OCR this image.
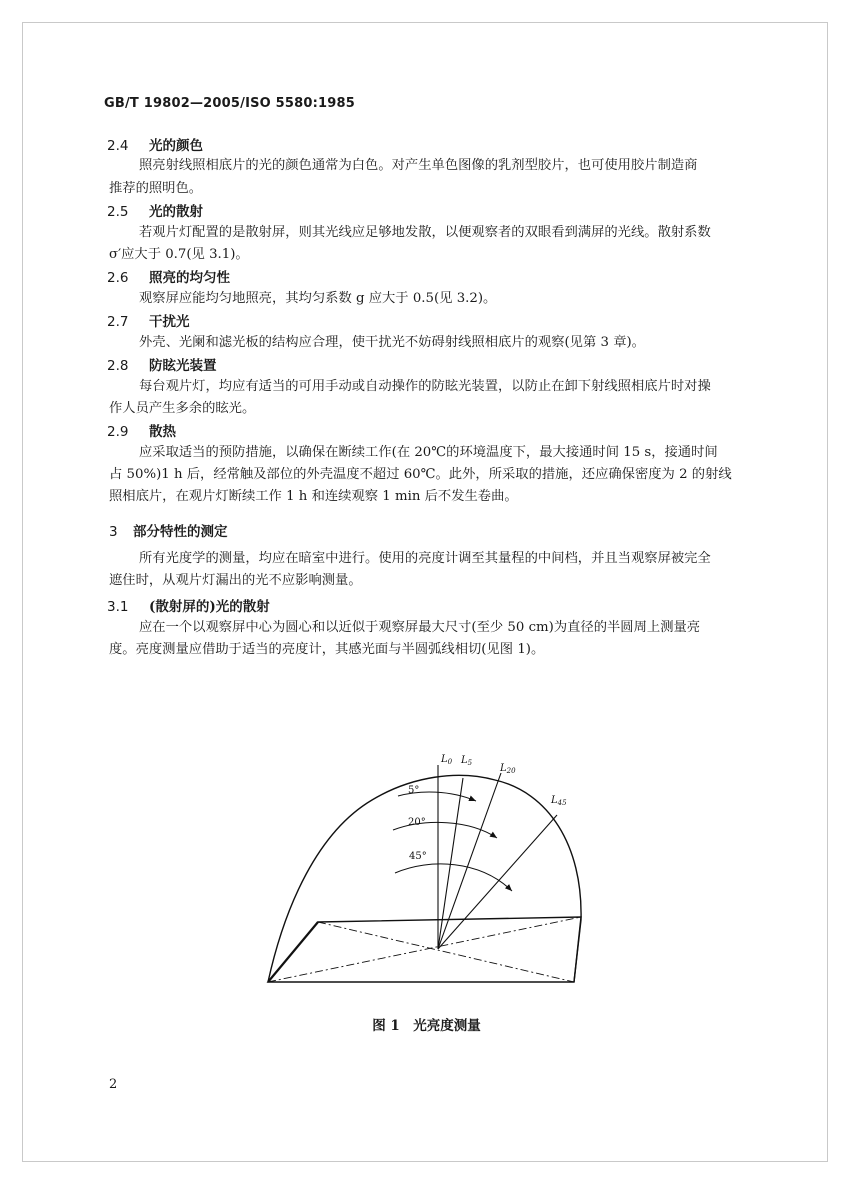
GB/T 19802—2005/ISO 5580:1985
2.4 光的颜色
照亮射线照相底片的光的颜色通常为白色。对产生单色图像的乳剂型胶片，也可使用胶片制造商
推荐的照明色。
2.5 光的散射
若观片灯配置的是散射屏，则其光线应足够地发散，以便观察者的双眼看到满屏的光线。散射系数
σ′应大于 0.7(见 3.1)。
2.6 照亮的均匀性
观察屏应能均匀地照亮，其均匀系数 g 应大于 0.5(见 3.2)。
2.7 干扰光
外壳、光阑和滤光板的结构应合理，使干扰光不妨碍射线照相底片的观察(见第 3 章)。
2.8 防眩光装置
每台观片灯，均应有适当的可用手动或自动操作的防眩光装置，以防止在卸下射线照相底片时对操
作人员产生多余的眩光。
2.9 散热
应采取适当的预防措施，以确保在断续工作(在 20℃的环境温度下，最大接通时间 15 s，接通时间
占 50%)1 h 后，经常触及部位的外壳温度不超过 60℃。此外，所采取的措施，还应确保密度为 2 的射线
照相底片，在观片灯断续工作 1 h 和连续观察 1 min 后不发生卷曲。
3 部分特性的测定
所有光度学的测量，均应在暗室中进行。使用的亮度计调至其量程的中间档，并且当观察屏被完全
遮住时，从观片灯漏出的光不应影响测量。
3.1 (散射屏的)光的散射
应在一个以观察屏中心为圆心和以近似于观察屏最大尺寸(至少 50 cm)为直径的半圆周上测量亮
度。亮度测量应借助于适当的亮度计，其感光面与半圆弧线相切(见图 1)。
5°
20°
45°
$L_0$ $L_5$	$L_{20}$
$L_{45}$
图 1　光亮度测量
2
